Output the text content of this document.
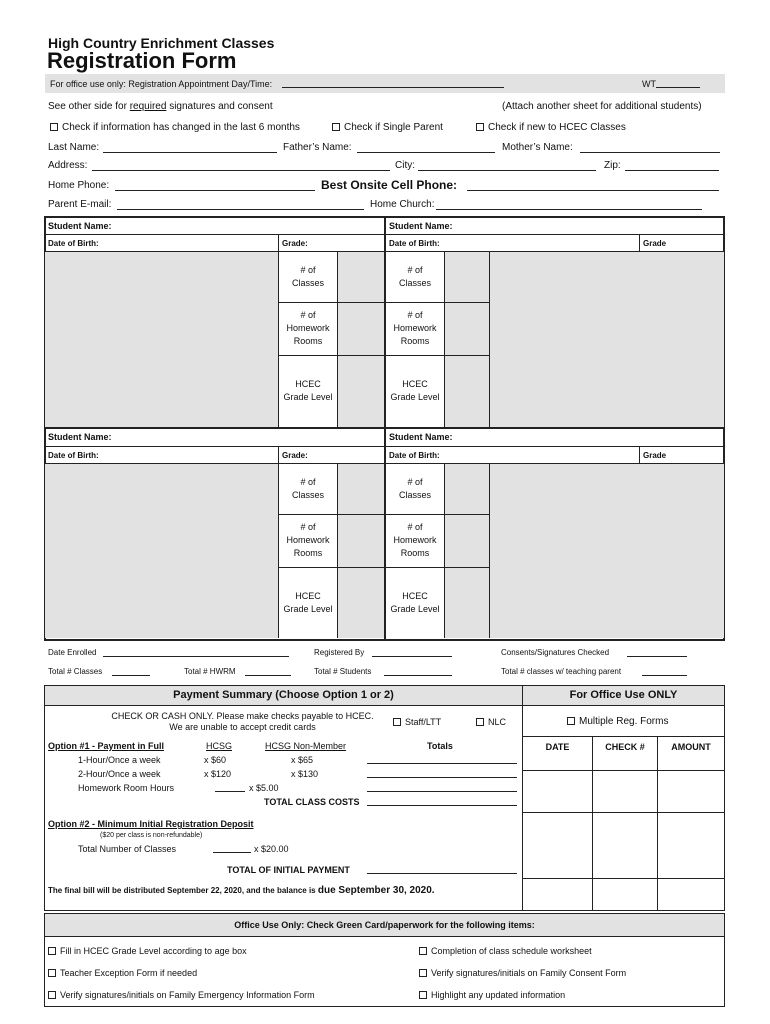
High Country Enrichment Classes
Registration Form
For office use only: Registration Appointment Day/Time:	WT
See other side for required signatures and consent	(Attach another sheet for additional students)
Check if information has changed in the last 6 months	Check if Single Parent	Check if new to HCEC Classes
Last Name:	Father’s Name:	Mother’s Name:
Address:	City:	Zip:
Home Phone:	Best Onsite Cell Phone:
Parent E-mail:	Home Church:
Student Name:
Date of Birth:	Grade:
# of
Classes
# of
Homework
Rooms
HCEC
Grade Level
Student Name:
Date of Birth:	Grade
# of
Classes
# of
Homework
Rooms
HCEC
Grade Level
Student Name:
Date of Birth:	Grade:
# of
Classes
# of
Homework
Rooms
HCEC
Grade Level
Student Name:
Date of Birth:	Grade
# of
Classes
# of
Homework
Rooms
HCEC
Grade Level
Date Enrolled	Registered By	Consents/Signatures Checked
Total # Classes	Total # HWRM	Total # Students	Total # classes w/ teaching parent
Payment Summary (Choose Option 1 or 2)	For Office Use ONLY
CHECK OR CASH ONLY. Please make checks payable to HCEC.
We are unable to accept credit cards	Staff/LTT	NLC	Multiple Reg. Forms
DATE	CHECK #	AMOUNT
Option #1 - Payment in Full	HCSG	HCSG Non-Member	Totals
1-Hour/Once a week	x $60	x $65
2-Hour/Once a week	x $120	x $130
Homework Room Hours	x $5.00
TOTAL CLASS COSTS
Option #2 - Minimum Initial Registration Deposit
($20 per class is non-refundable)
Total Number of Classes	x $20.00
TOTAL OF INITIAL PAYMENT
The final bill will be distributed September 22, 2020, and the balance is due September 30, 2020.
Office Use Only: Check Green Card/paperwork for the following items:
Fill in HCEC Grade Level according to age box	Completion of class schedule worksheet
Teacher Exception Form if needed	Verify signatures/initials on Family Consent Form
Verify signatures/initials on Family Emergency Information Form	Highlight any updated information
